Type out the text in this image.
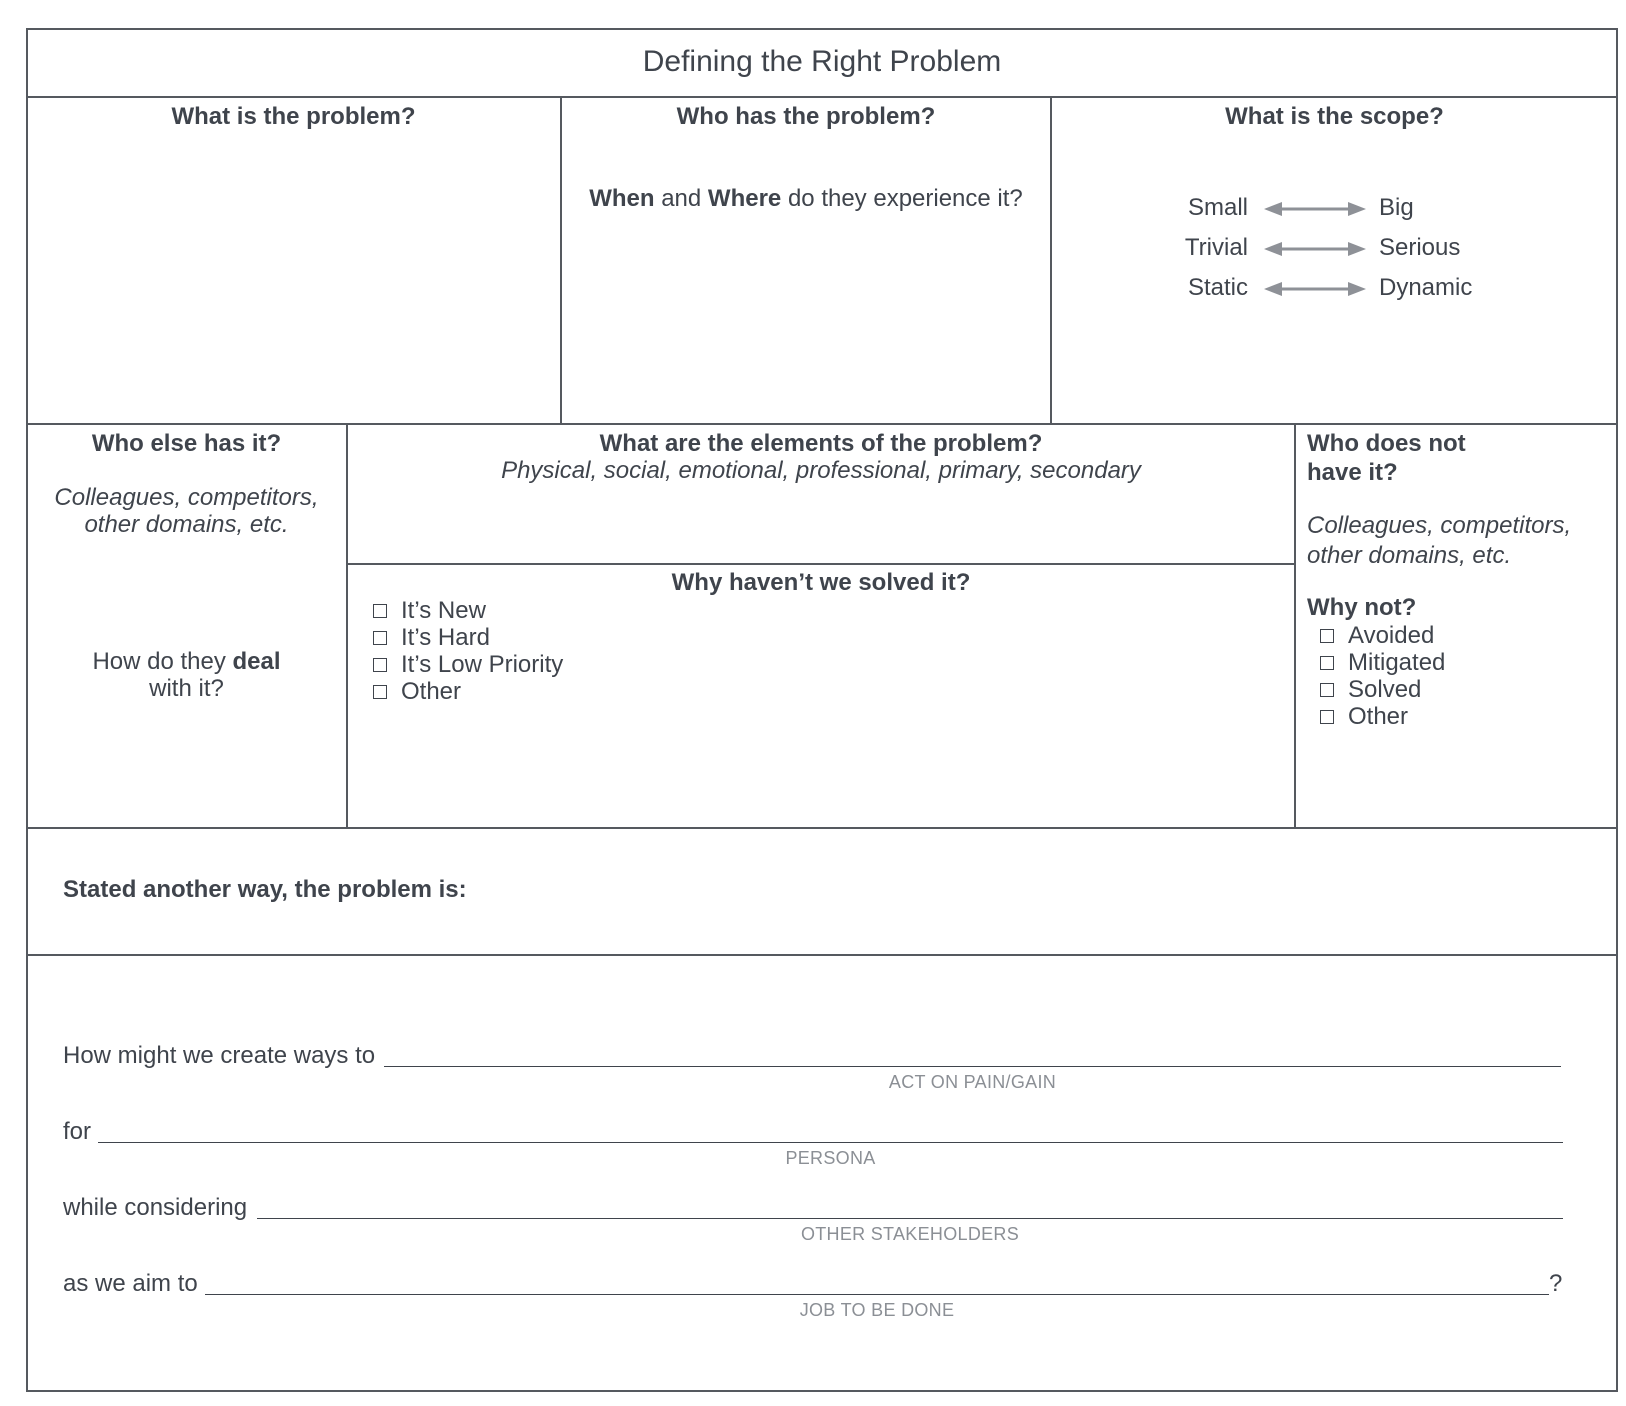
Defining the Right Problem
What is the problem?	Who has the problem?
When and Where do they experience it?
What is the scope?
Small	Big
Trivial	Serious
Static	Dynamic
Who else has it?
Colleagues, competitors,
other domains, etc.
How do they deal
with it?
What are the elements of the problem?
Physical, social, emotional, professional, primary, secondary
Why haven’t we solved it?
It’s New
It’s Hard
It’s Low Priority
Other
Who does not
have it?
Colleagues, competitors,
other domains, etc.
Why not?
Avoided
Mitigated
Solved
Other
Stated another way, the problem is:
How might we create ways to
ACT ON PAIN/GAIN
for
PERSONA
while considering
OTHER STAKEHOLDERS
as we aim to	?
JOB TO BE DONE
